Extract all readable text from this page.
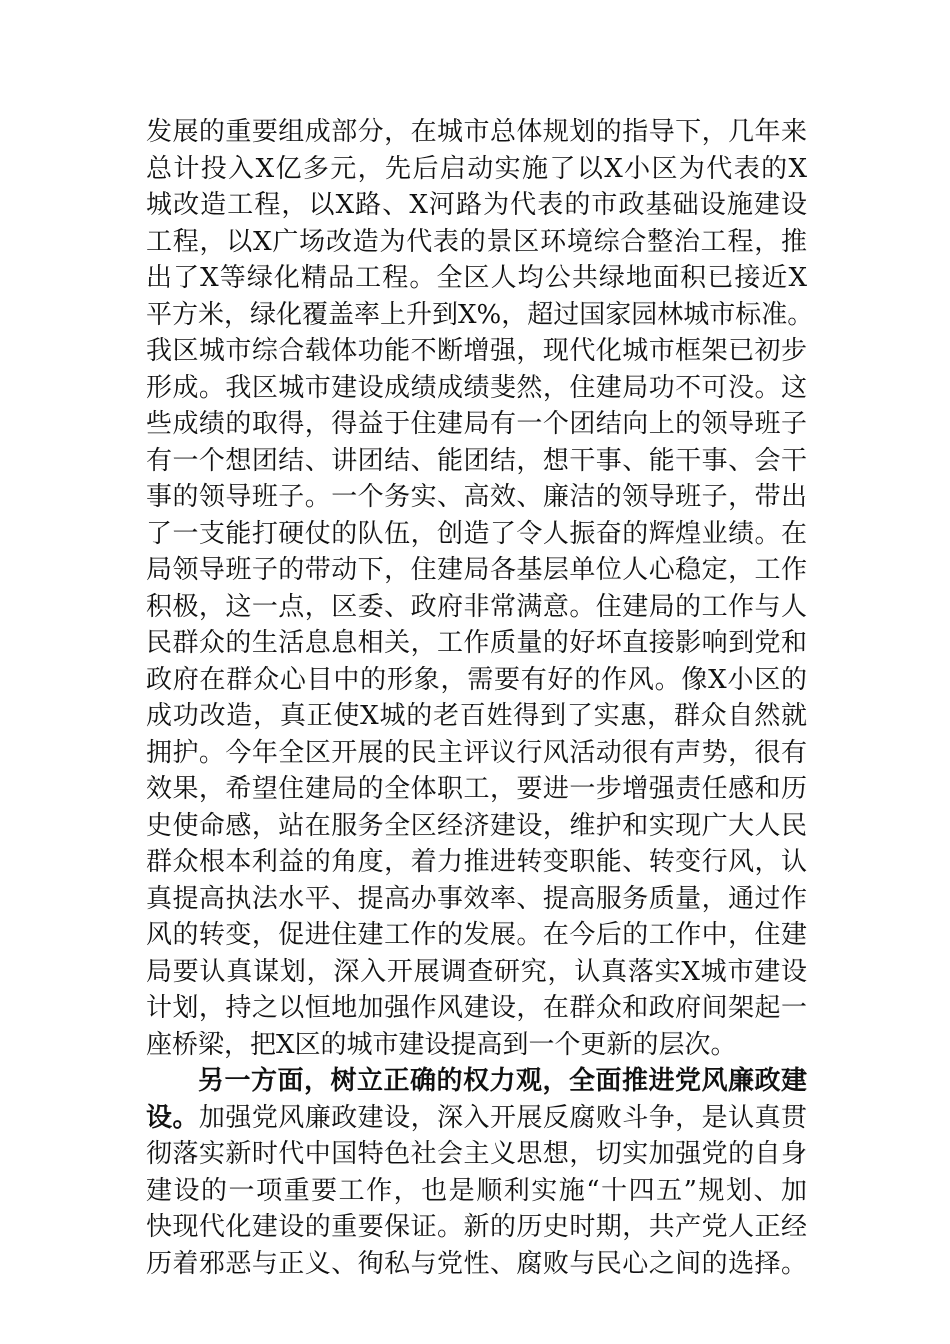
发展的重要组成部分，在城市总体规划的指导下，几年来
总计投入X亿多元，先后启动实施了以X小区为代表的X
城改造工程，以X路、X河路为代表的市政基础设施建设
工程，以X广场改造为代表的景区环境综合整治工程，推
出了X等绿化精品工程。全区人均公共绿地面积已接近X
平方米，绿化覆盖率上升到X%，超过国家园林城市标准。
我区城市综合载体功能不断增强，现代化城市框架已初步
形成。我区城市建设成绩成绩斐然，住建局功不可没。这
些成绩的取得，得益于住建局有一个团结向上的领导班子
有一个想团结、讲团结、能团结，想干事、能干事、会干
事的领导班子。一个务实、高效、廉洁的领导班子，带出
了一支能打硬仗的队伍，创造了令人振奋的辉煌业绩。在
局领导班子的带动下，住建局各基层单位人心稳定，工作
积极，这一点，区委、政府非常满意。住建局的工作与人
民群众的生活息息相关，工作质量的好坏直接影响到党和
政府在群众心目中的形象，需要有好的作风。像X小区的
成功改造，真正使X城的老百姓得到了实惠，群众自然就
拥护。今年全区开展的民主评议行风活动很有声势，很有
效果，希望住建局的全体职工，要进一步增强责任感和历
史使命感，站在服务全区经济建设，维护和实现广大人民
群众根本利益的角度，着力推进转变职能、转变行风，认
真提高执法水平、提高办事效率、提高服务质量，通过作
风的转变，促进住建工作的发展。在今后的工作中，住建
局要认真谋划，深入开展调查研究，认真落实X城市建设
计划，持之以恒地加强作风建设，在群众和政府间架起一
座桥梁，把X区的城市建设提高到一个更新的层次。
另一方面，树立正确的权力观，全面推进党风廉政建
设。加强党风廉政建设，深入开展反腐败斗争，是认真贯
彻落实新时代中国特色社会主义思想，切实加强党的自身
建设的一项重要工作，也是顺利实施“十四五”规划、加
快现代化建设的重要保证。新的历史时期，共产党人正经
历着邪恶与正义、徇私与党性、腐败与民心之间的选择。
